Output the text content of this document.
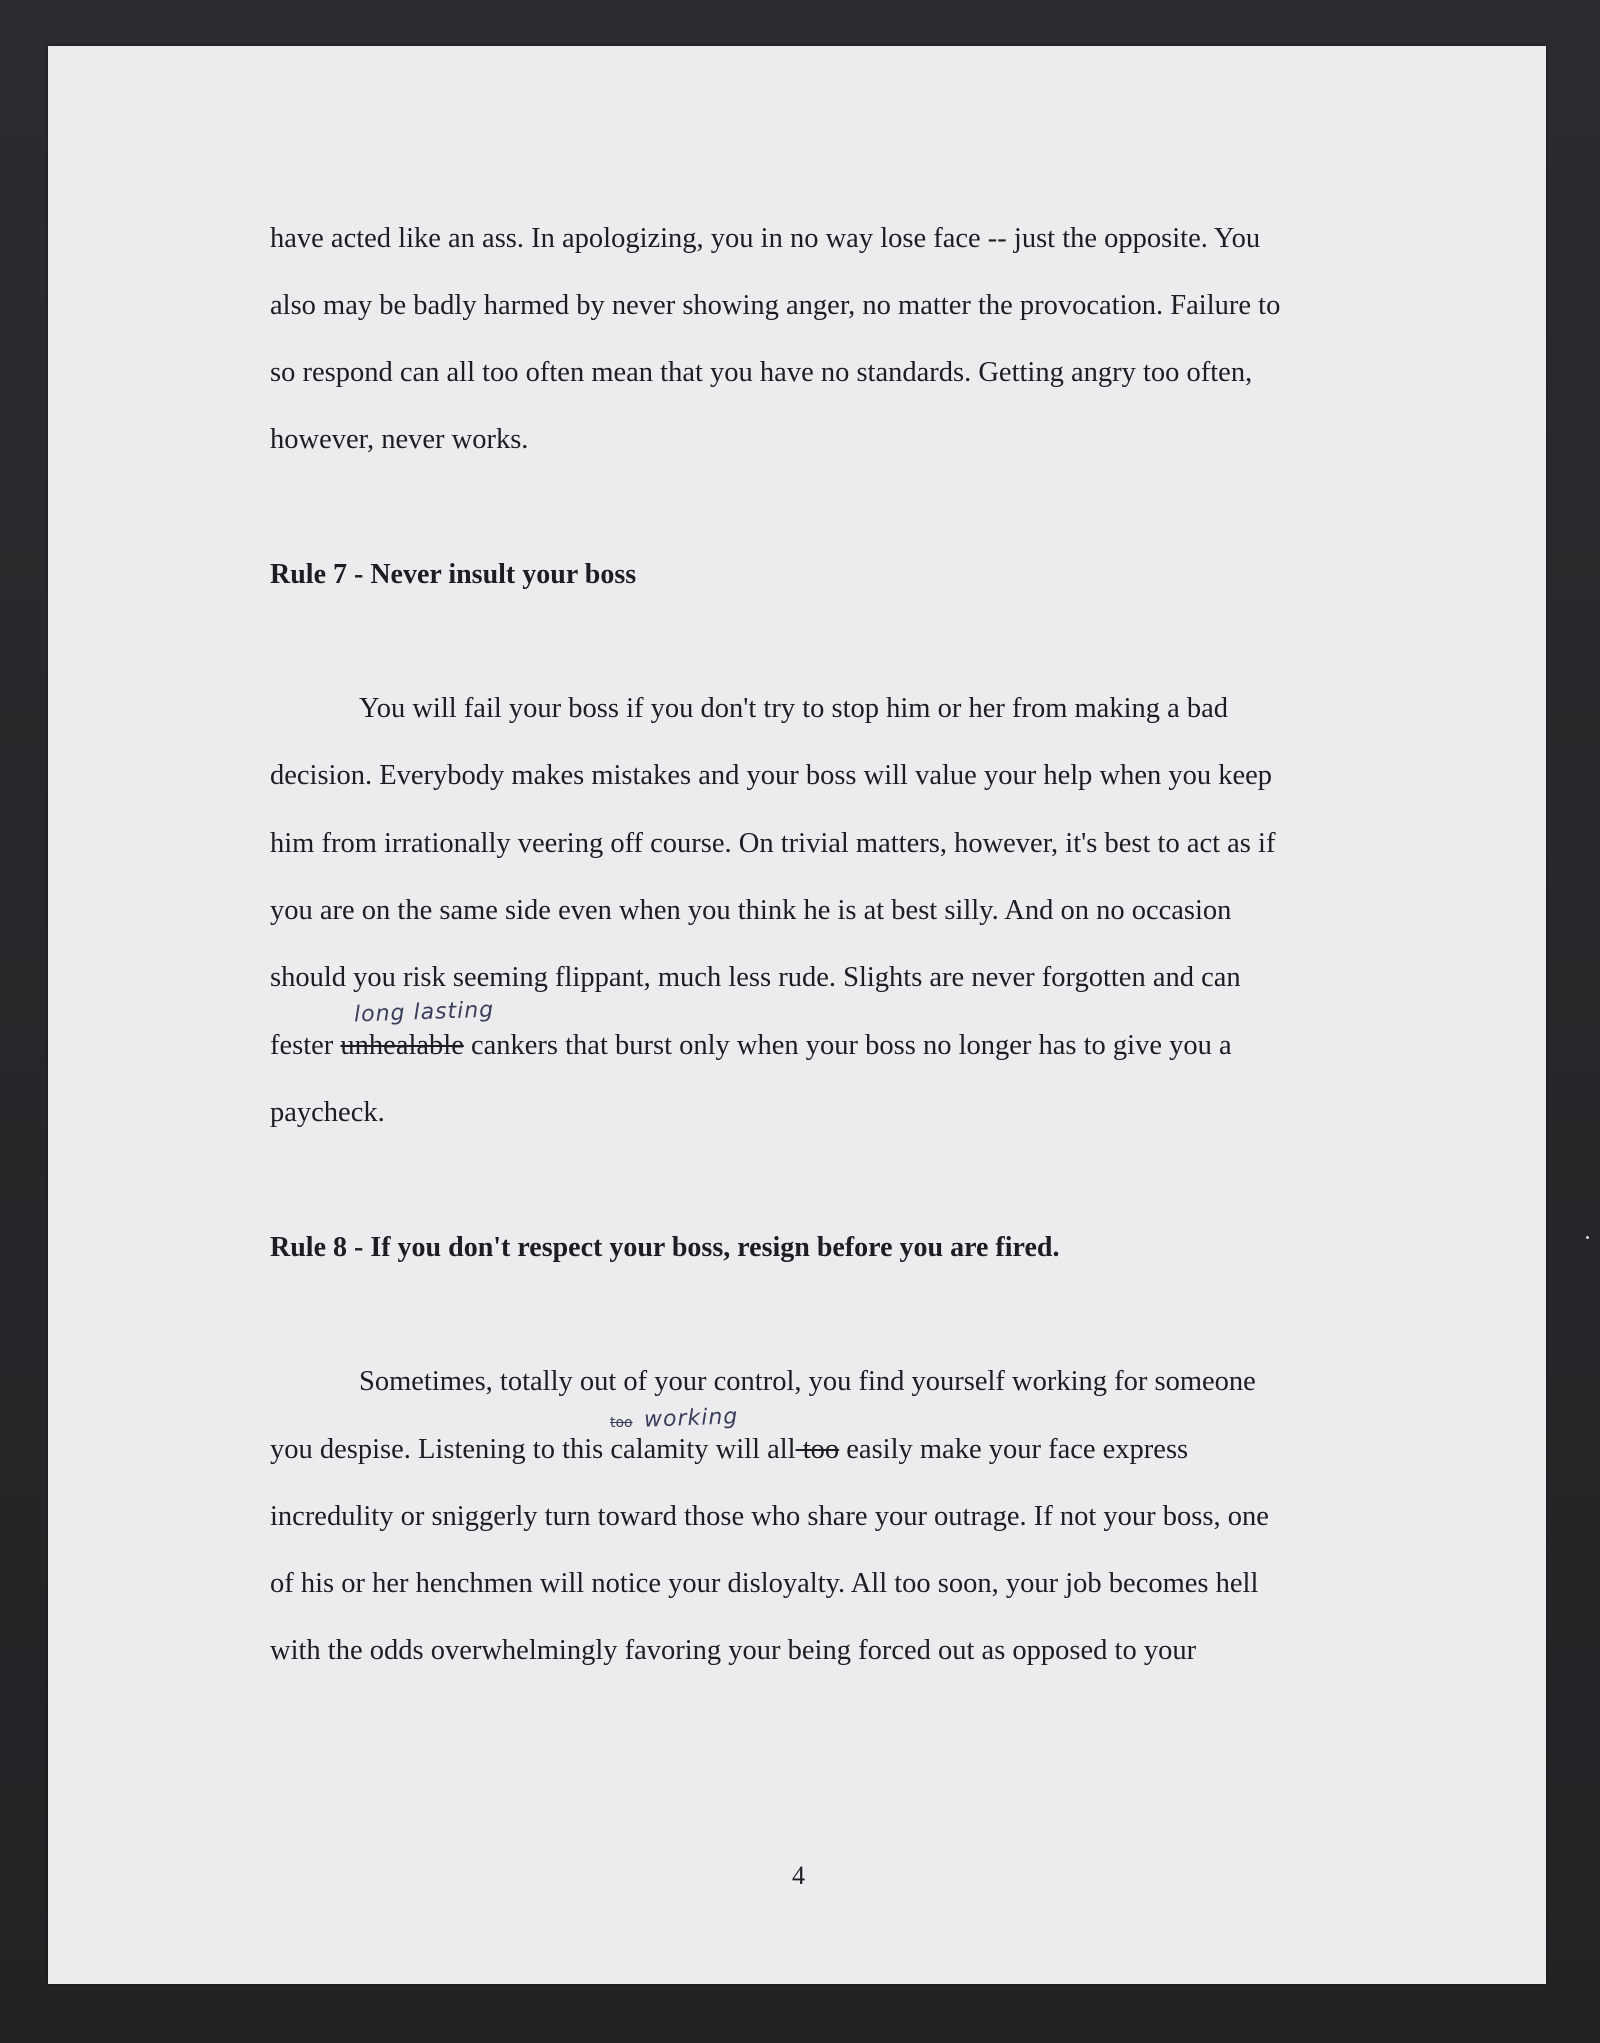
have acted like an ass. In apologizing, you in no way lose face -- just the opposite. You
also may be badly harmed by never showing anger, no matter the provocation. Failure to
so respond can all too often mean that you have no standards. Getting angry too often,
however, never works.
Rule 7 - Never insult your boss
You will fail your boss if you don't try to stop him or her from making a bad
decision. Everybody makes mistakes and your boss will value your help when you keep
him from irrationally veering off course. On trivial matters, however, it's best to act as if
you are on the same side even when you think he is at best silly. And on no occasion
should you risk seeming flippant, much less rude. Slights are never forgotten and can
long lasting
fester unhealable cankers that burst only when your boss no longer has to give you a
paycheck.
Rule 8 - If you don't respect your boss, resign before you are fired.
Sometimes, totally out of your control, you find yourself working for someone
too working
you despise. Listening to this calamity will all too easily make your face express
incredulity or sniggerly turn toward those who share your outrage. If not your boss, one
of his or her henchmen will notice your disloyalty. All too soon, your job becomes hell
with the odds overwhelmingly favoring your being forced out as opposed to your
4
